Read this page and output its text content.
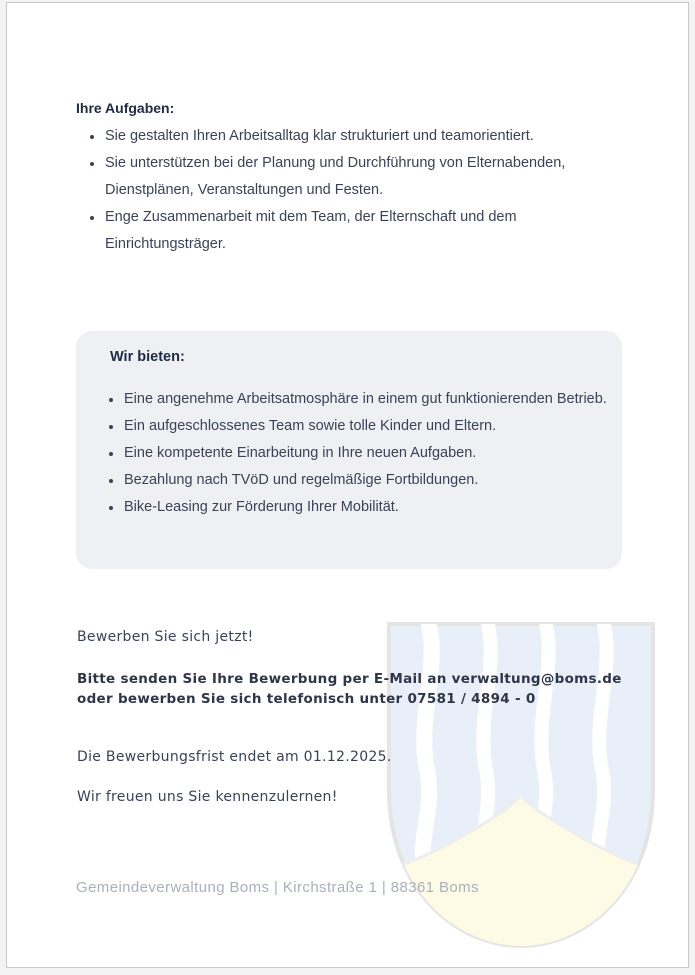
Ihre Aufgaben:
Sie gestalten Ihren Arbeitsalltag klar strukturiert und teamorientiert.
Sie unterstützen bei der Planung und Durchführung von Elternabenden, Dienstplänen, Veranstaltungen und Festen.
Enge Zusammenarbeit mit dem Team, der Elternschaft und dem Einrichtungsträger.
Wir bieten:
Eine angenehme Arbeitsatmosphäre in einem gut funktionierenden Betrieb.
Ein aufgeschlossenes Team sowie tolle Kinder und Eltern.
Eine kompetente Einarbeitung in Ihre neuen Aufgaben.
Bezahlung nach TVöD und regelmäßige Fortbildungen.
Bike-Leasing zur Förderung Ihrer Mobilität.
Bewerben Sie sich jetzt!
Bitte senden Sie Ihre Bewerbung per E-Mail an verwaltung@boms.de oder bewerben Sie sich telefonisch unter 07581 / 4894 - 0
Die Bewerbungsfrist endet am 01.12.2025.
Wir freuen uns Sie kennenzulernen!
Gemeindeverwaltung Boms | Kirchstraße 1 | 88361 Boms
